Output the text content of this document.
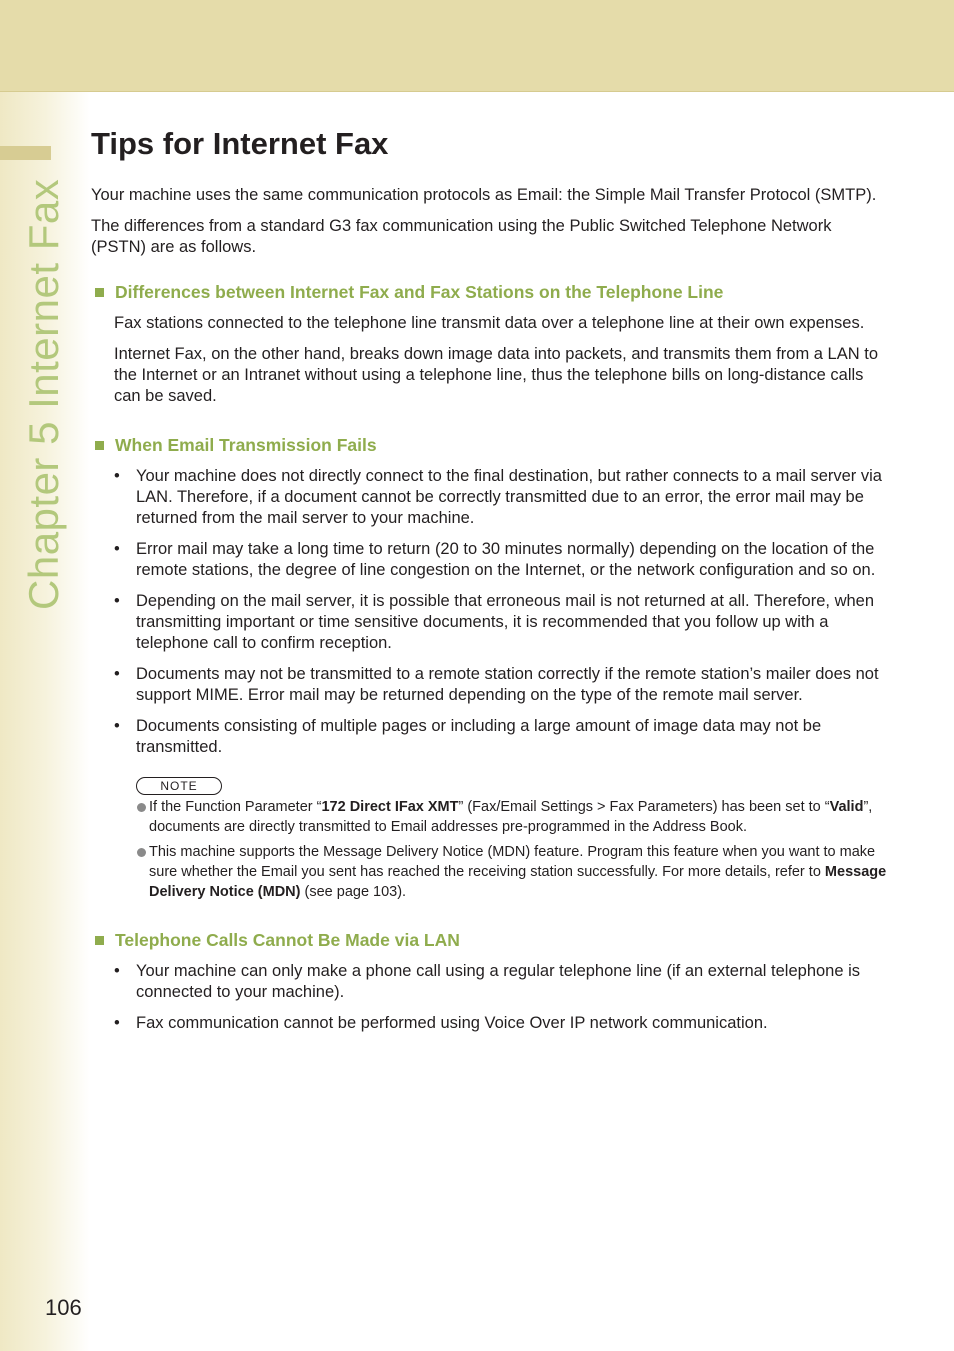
Chapter 5 Internet Fax
Tips for Internet Fax

Your machine uses the same communication protocols as Email: the Simple Mail Transfer Protocol (SMTP).

The differences from a standard G3 fax communication using the Public Switched Telephone Network (PSTN) are as follows.

Differences between Internet Fax and Fax Stations on the Telephone Line

Fax stations connected to the telephone line transmit data over a telephone line at their own expenses.

Internet Fax, on the other hand, breaks down image data into packets, and transmits them from a LAN to the Internet or an Intranet without using a telephone line, thus the telephone bills on long-distance calls can be saved.

When Email Transmission Fails
• Your machine does not directly connect to the final destination, but rather connects to a mail server via LAN. Therefore, if a document cannot be correctly transmitted due to an error, the error mail may be returned from the mail server to your machine.
• Error mail may take a long time to return (20 to 30 minutes normally) depending on the location of the remote stations, the degree of line congestion on the Internet, or the network configuration and so on.
• Depending on the mail server, it is possible that erroneous mail is not returned at all. Therefore, when transmitting important or time sensitive documents, it is recommended that you follow up with a telephone call to confirm reception.
• Documents may not be transmitted to a remote station correctly if the remote station’s mailer does not support MIME. Error mail may be returned depending on the type of the remote mail server.
• Documents consisting of multiple pages or including a large amount of image data may not be transmitted.
NOTE
If the Function Parameter “172 Direct IFax XMT” (Fax/Email Settings > Fax Parameters) has been set to “Valid”, documents are directly transmitted to Email addresses pre-programmed in the Address Book.
This machine supports the Message Delivery Notice (MDN) feature. Program this feature when you want to make sure whether the Email you sent has reached the receiving station successfully. For more details, refer to Message Delivery Notice (MDN) (see page 103).
Telephone Calls Cannot Be Made via LAN
• Your machine can only make a phone call using a regular telephone line (if an external telephone is connected to your machine).
• Fax communication cannot be performed using Voice Over IP network communication.
106
